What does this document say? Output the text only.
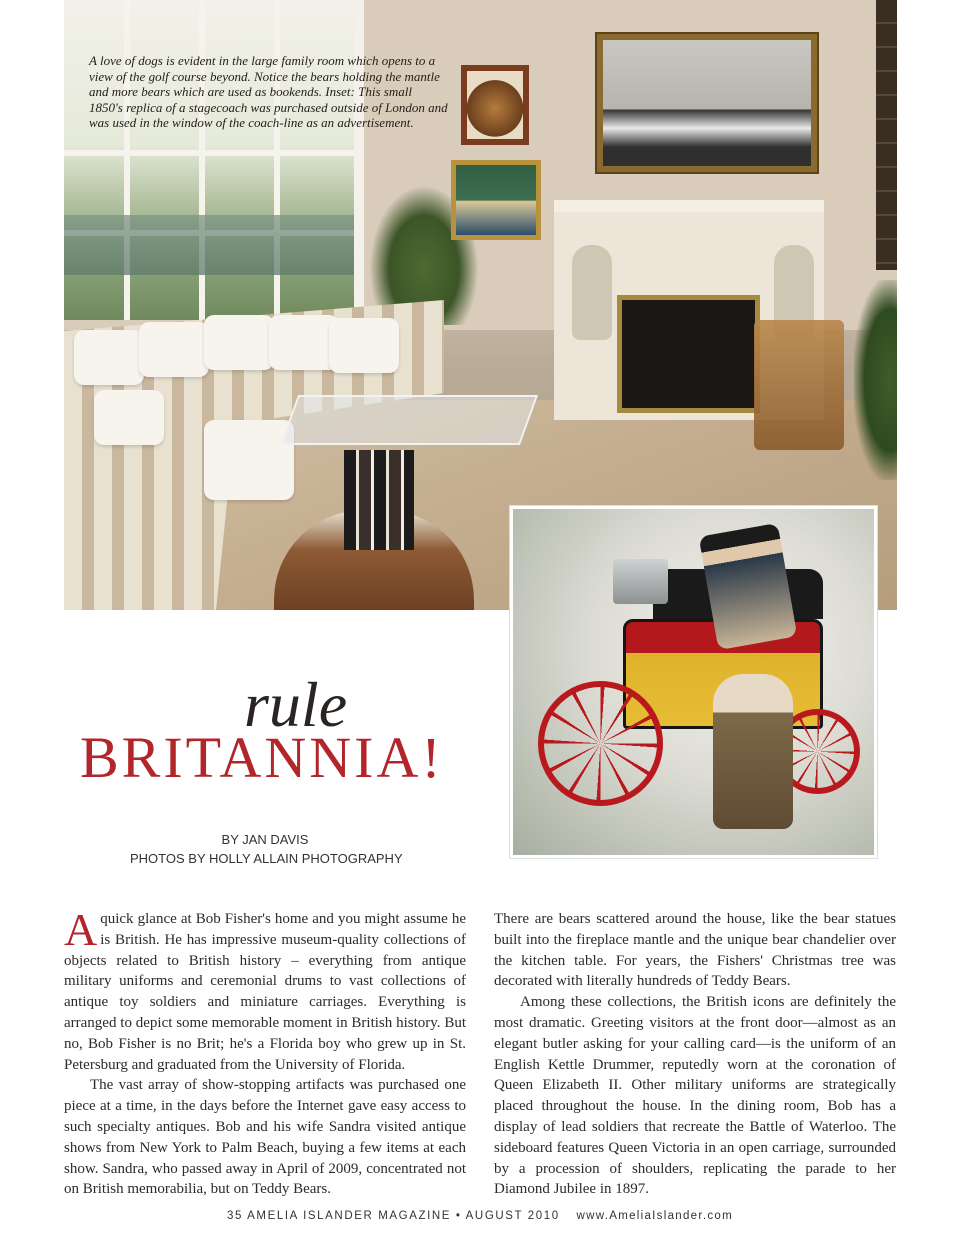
A love of dogs is evident in the large family room which opens to a view of the golf course beyond. Notice the bears holding the mantle and more bears which are used as bookends. Inset: This small 1850's replica of a stagecoach was purchased outside of London and was used in the window of the coach-line as an advertisement.
rule
BRITANNIA!
BY JAN DAVIS
PHOTOS BY HOLLY ALLAIN PHOTOGRAPHY

Aquick glance at Bob Fisher's home and you might assume he is British. He has impressive museum-quality collections of objects related to British history – everything from antique military uniforms and ceremonial drums to vast collections of antique toy soldiers and miniature carriages. Everything is arranged to depict some memorable moment in British history. But no, Bob Fisher is no Brit; he's a Florida boy who grew up in St. Petersburg and graduated from the University of Florida.

The vast array of show-stopping artifacts was purchased one piece at a time, in the days before the Internet gave easy access to such specialty antiques. Bob and his wife Sandra visited antique shows from New York to Palm Beach, buying a few items at each show. Sandra, who passed away in April of 2009, concentrated not on British memorabilia, but on Teddy Bears.

There are bears scattered around the house, like the bear statues built into the fireplace mantle and the unique bear chandelier over the kitchen table. For years, the Fishers' Christmas tree was decorated with literally hundreds of Teddy Bears.

Among these collections, the British icons are definitely the most dramatic. Greeting visitors at the front door—almost as an elegant butler asking for your calling card—is the uniform of an English Kettle Drummer, reputedly worn at the coronation of Queen Elizabeth II. Other military uniforms are strategically placed throughout the house. In the dining room, Bob has a display of lead soldiers that recreate the Battle of Waterloo. The sideboard features Queen Victoria in an open carriage, surrounded by a procession of shoulders, replicating the parade to her Diamond Jubilee in 1897.

35 AMELIA ISLANDER MAGAZINE • AUGUST 2010 www.AmeliaIslander.com
